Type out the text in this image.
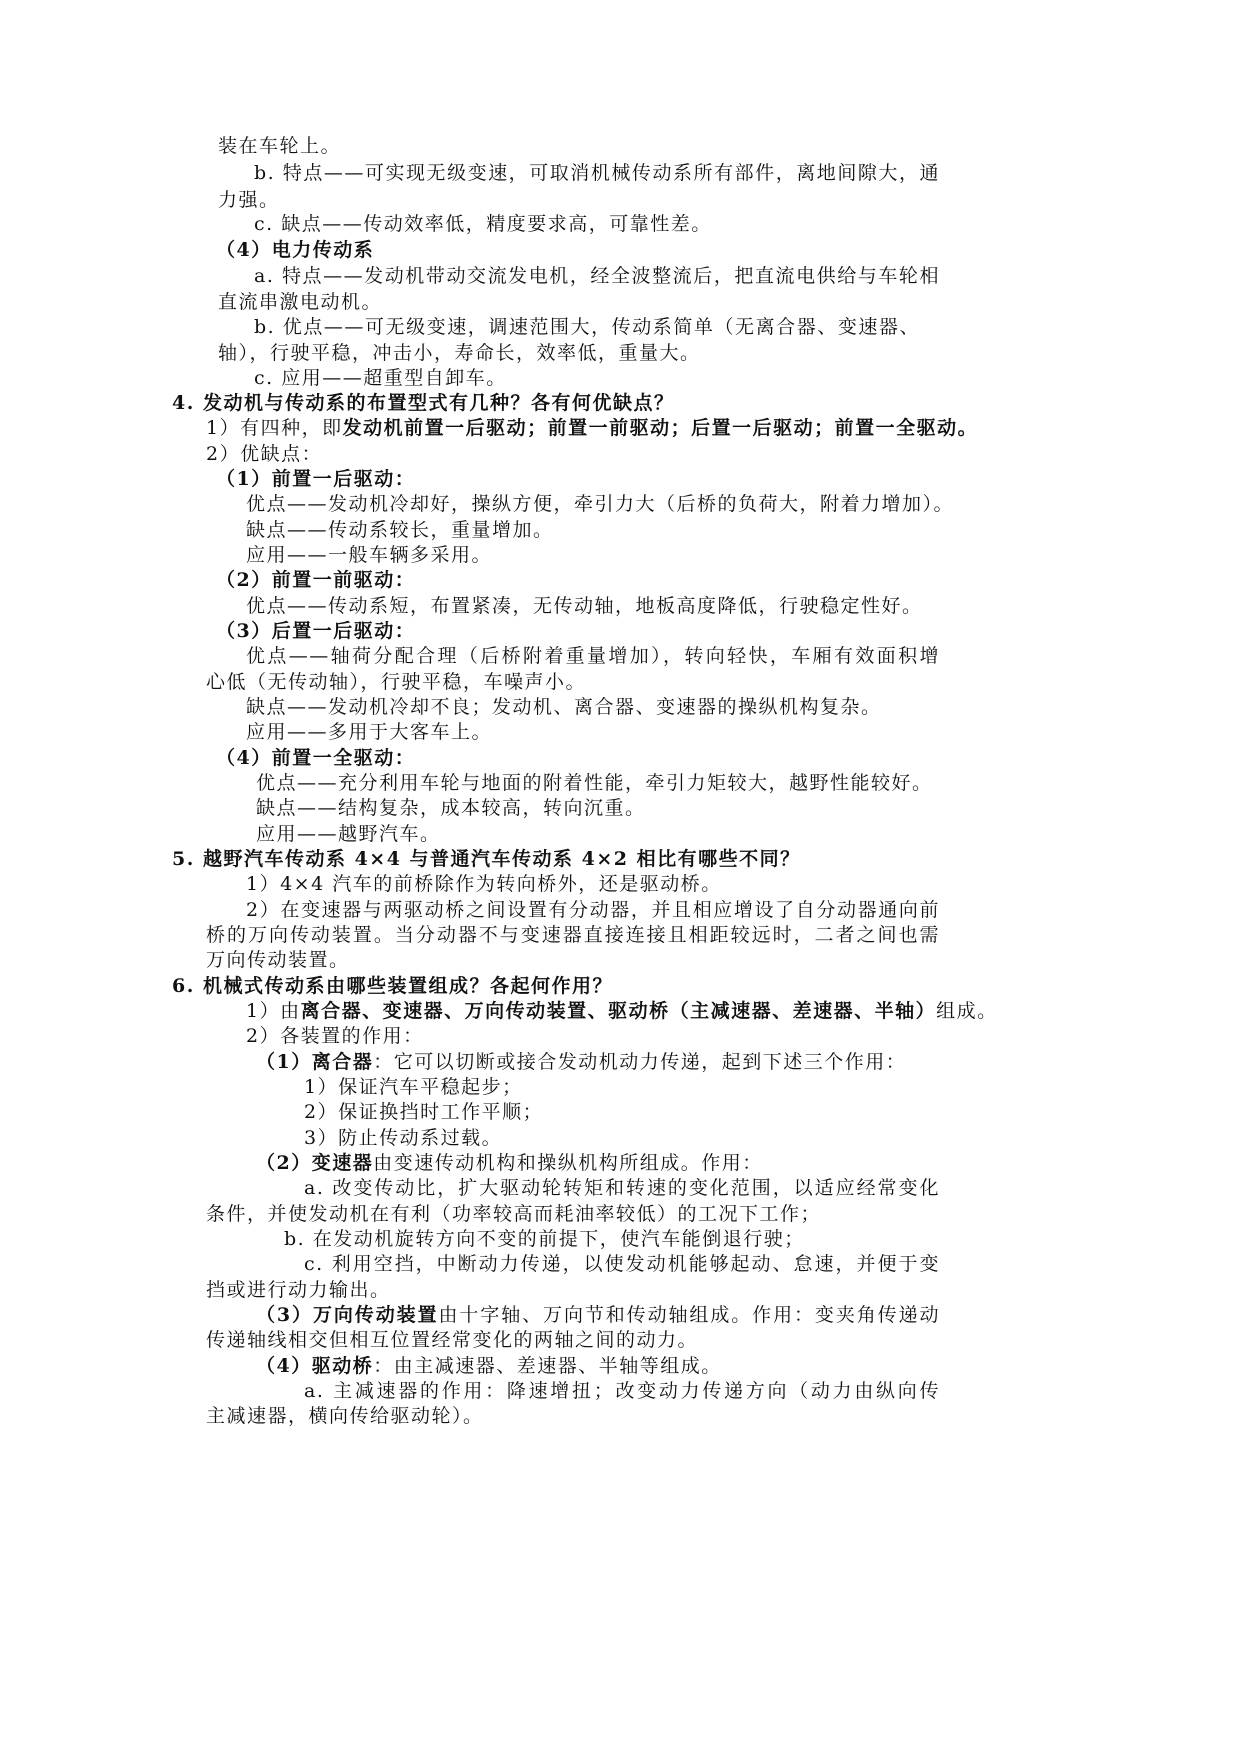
装在车轮上。
b. 特点——可实现无级变速，可取消机械传动系所有部件，离地间隙大，通
力强。
c. 缺点——传动效率低，精度要求高，可靠性差。
（4）电力传动系
a. 特点——发动机带动交流发电机，经全波整流后，把直流电供给与车轮相
直流串激电动机。
b. 优点——可无级变速，调速范围大，传动系简单（无离合器、变速器、
轴），行驶平稳，冲击小，寿命长，效率低，重量大。
c. 应用——超重型自卸车。
4. 发动机与传动系的布置型式有几种？各有何优缺点？
1）有四种，即发动机前置一后驱动；前置一前驱动；后置一后驱动；前置一全驱动。
2）优缺点：
（1）前置一后驱动：
优点——发动机冷却好，操纵方便，牵引力大（后桥的负荷大，附着力增加）。
缺点——传动系较长，重量增加。
应用——一般车辆多采用。
（2）前置一前驱动：
优点——传动系短，布置紧凑，无传动轴，地板高度降低，行驶稳定性好。
（3）后置一后驱动：
优点——轴荷分配合理（后桥附着重量增加），转向轻快，车厢有效面积增
心低（无传动轴），行驶平稳，车噪声小。
缺点——发动机冷却不良；发动机、离合器、变速器的操纵机构复杂。
应用——多用于大客车上。
（4）前置一全驱动：
优点——充分利用车轮与地面的附着性能，牵引力矩较大，越野性能较好。
缺点——结构复杂，成本较高，转向沉重。
应用——越野汽车。
5. 越野汽车传动系 4×4 与普通汽车传动系 4×2 相比有哪些不同？
1）4×4 汽车的前桥除作为转向桥外，还是驱动桥。
2）在变速器与两驱动桥之间设置有分动器，并且相应增设了自分动器通向前
桥的万向传动装置。当分动器不与变速器直接连接且相距较远时，二者之间也需
万向传动装置。
6. 机械式传动系由哪些装置组成？各起何作用？
1）由离合器、变速器、万向传动装置、驱动桥（主减速器、差速器、半轴）组成。
2）各装置的作用：
（1）离合器：它可以切断或接合发动机动力传递，起到下述三个作用：
1）保证汽车平稳起步；
2）保证换挡时工作平顺；
3）防止传动系过载。
（2）变速器由变速传动机构和操纵机构所组成。作用：
a. 改变传动比，扩大驱动轮转矩和转速的变化范围，以适应经常变化
条件，并使发动机在有利（功率较高而耗油率较低）的工况下工作；
b. 在发动机旋转方向不变的前提下，使汽车能倒退行驶；
c. 利用空挡，中断动力传递，以使发动机能够起动、怠速，并便于变
挡或进行动力输出。
（3）万向传动装置由十字轴、万向节和传动轴组成。作用：变夹角传递动
传递轴线相交但相互位置经常变化的两轴之间的动力。
（4）驱动桥：由主减速器、差速器、半轴等组成。
a. 主减速器的作用：降速增扭；改变动力传递方向（动力由纵向传
主减速器，横向传给驱动轮）。
